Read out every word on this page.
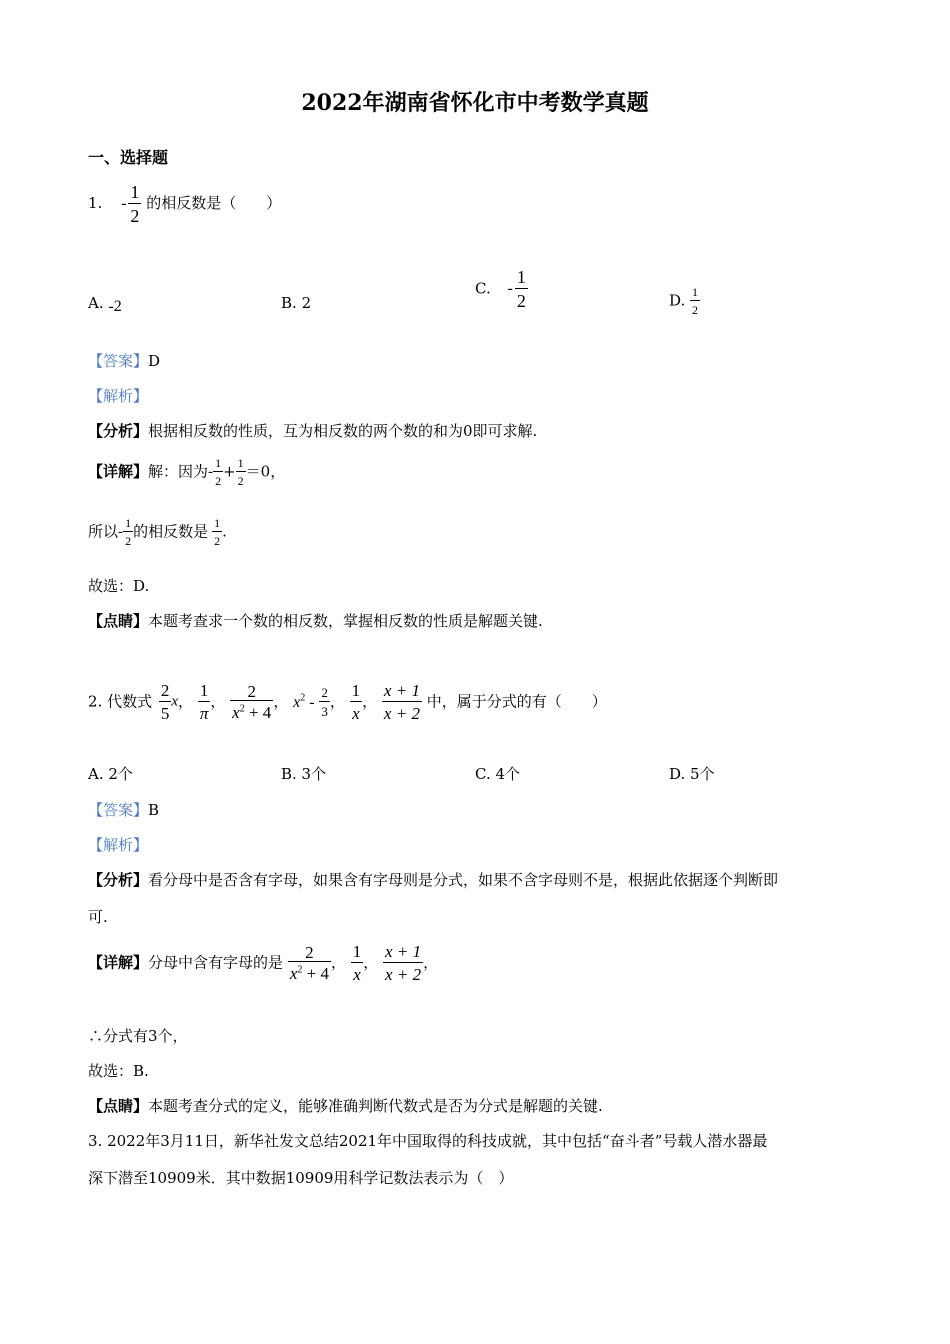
2022年湖南省怀化市中考数学真题
一、选择题
1. - $\frac{1}{2}$ 的相反数是（　　）
A. -2	B. 2
C. - $\frac{1}{2}$	D. $\frac{1}{2}$
【答案】D
【解析】
【分析】根据相反数的性质，互为相反数的两个数的和为0即可求解.
【详解】解：因为- $\frac{1}{2} + \frac{1}{2} =0$，
所以- $\frac{1}{2}$ 的相反数是 $\frac{1}{2}$ .
故选：D.
【点睛】本题考查求一个数的相反数，掌握相反数的性质是解题关键.
2. 代数式 $\frac{2}{5}$ x， $\frac{1}{\pi}$ ， $\frac{2}{x^2 + 4}$ ， $x^2 - \frac{2}{3}$ ， $\frac{1}{x}$ ， $\frac{x + 1}{x + 2}$ 中，属于分式的有（　　）
A. 2个	B. 3个	C. 4个	D. 5个
【答案】B
【解析】
【分析】看分母中是否含有字母，如果含有字母则是分式，如果不含字母则不是，根据此依据逐个判断即
可.
【详解】分母中含有字母的是 $\frac{2}{x^2 + 4}$ ， $\frac{1}{x}$ ， $\frac{x + 1}{x + 2}$ ，
∴分式有3个，
故选：B.
【点睛】本题考查分式的定义，能够准确判断代数式是否为分式是解题的关键.
3. 2022年3月11日，新华社发文总结2021年中国取得的科技成就，其中包括“奋斗者”号载人潜水器最
深下潜至10909米．其中数据10909用科学记数法表示为（　）
